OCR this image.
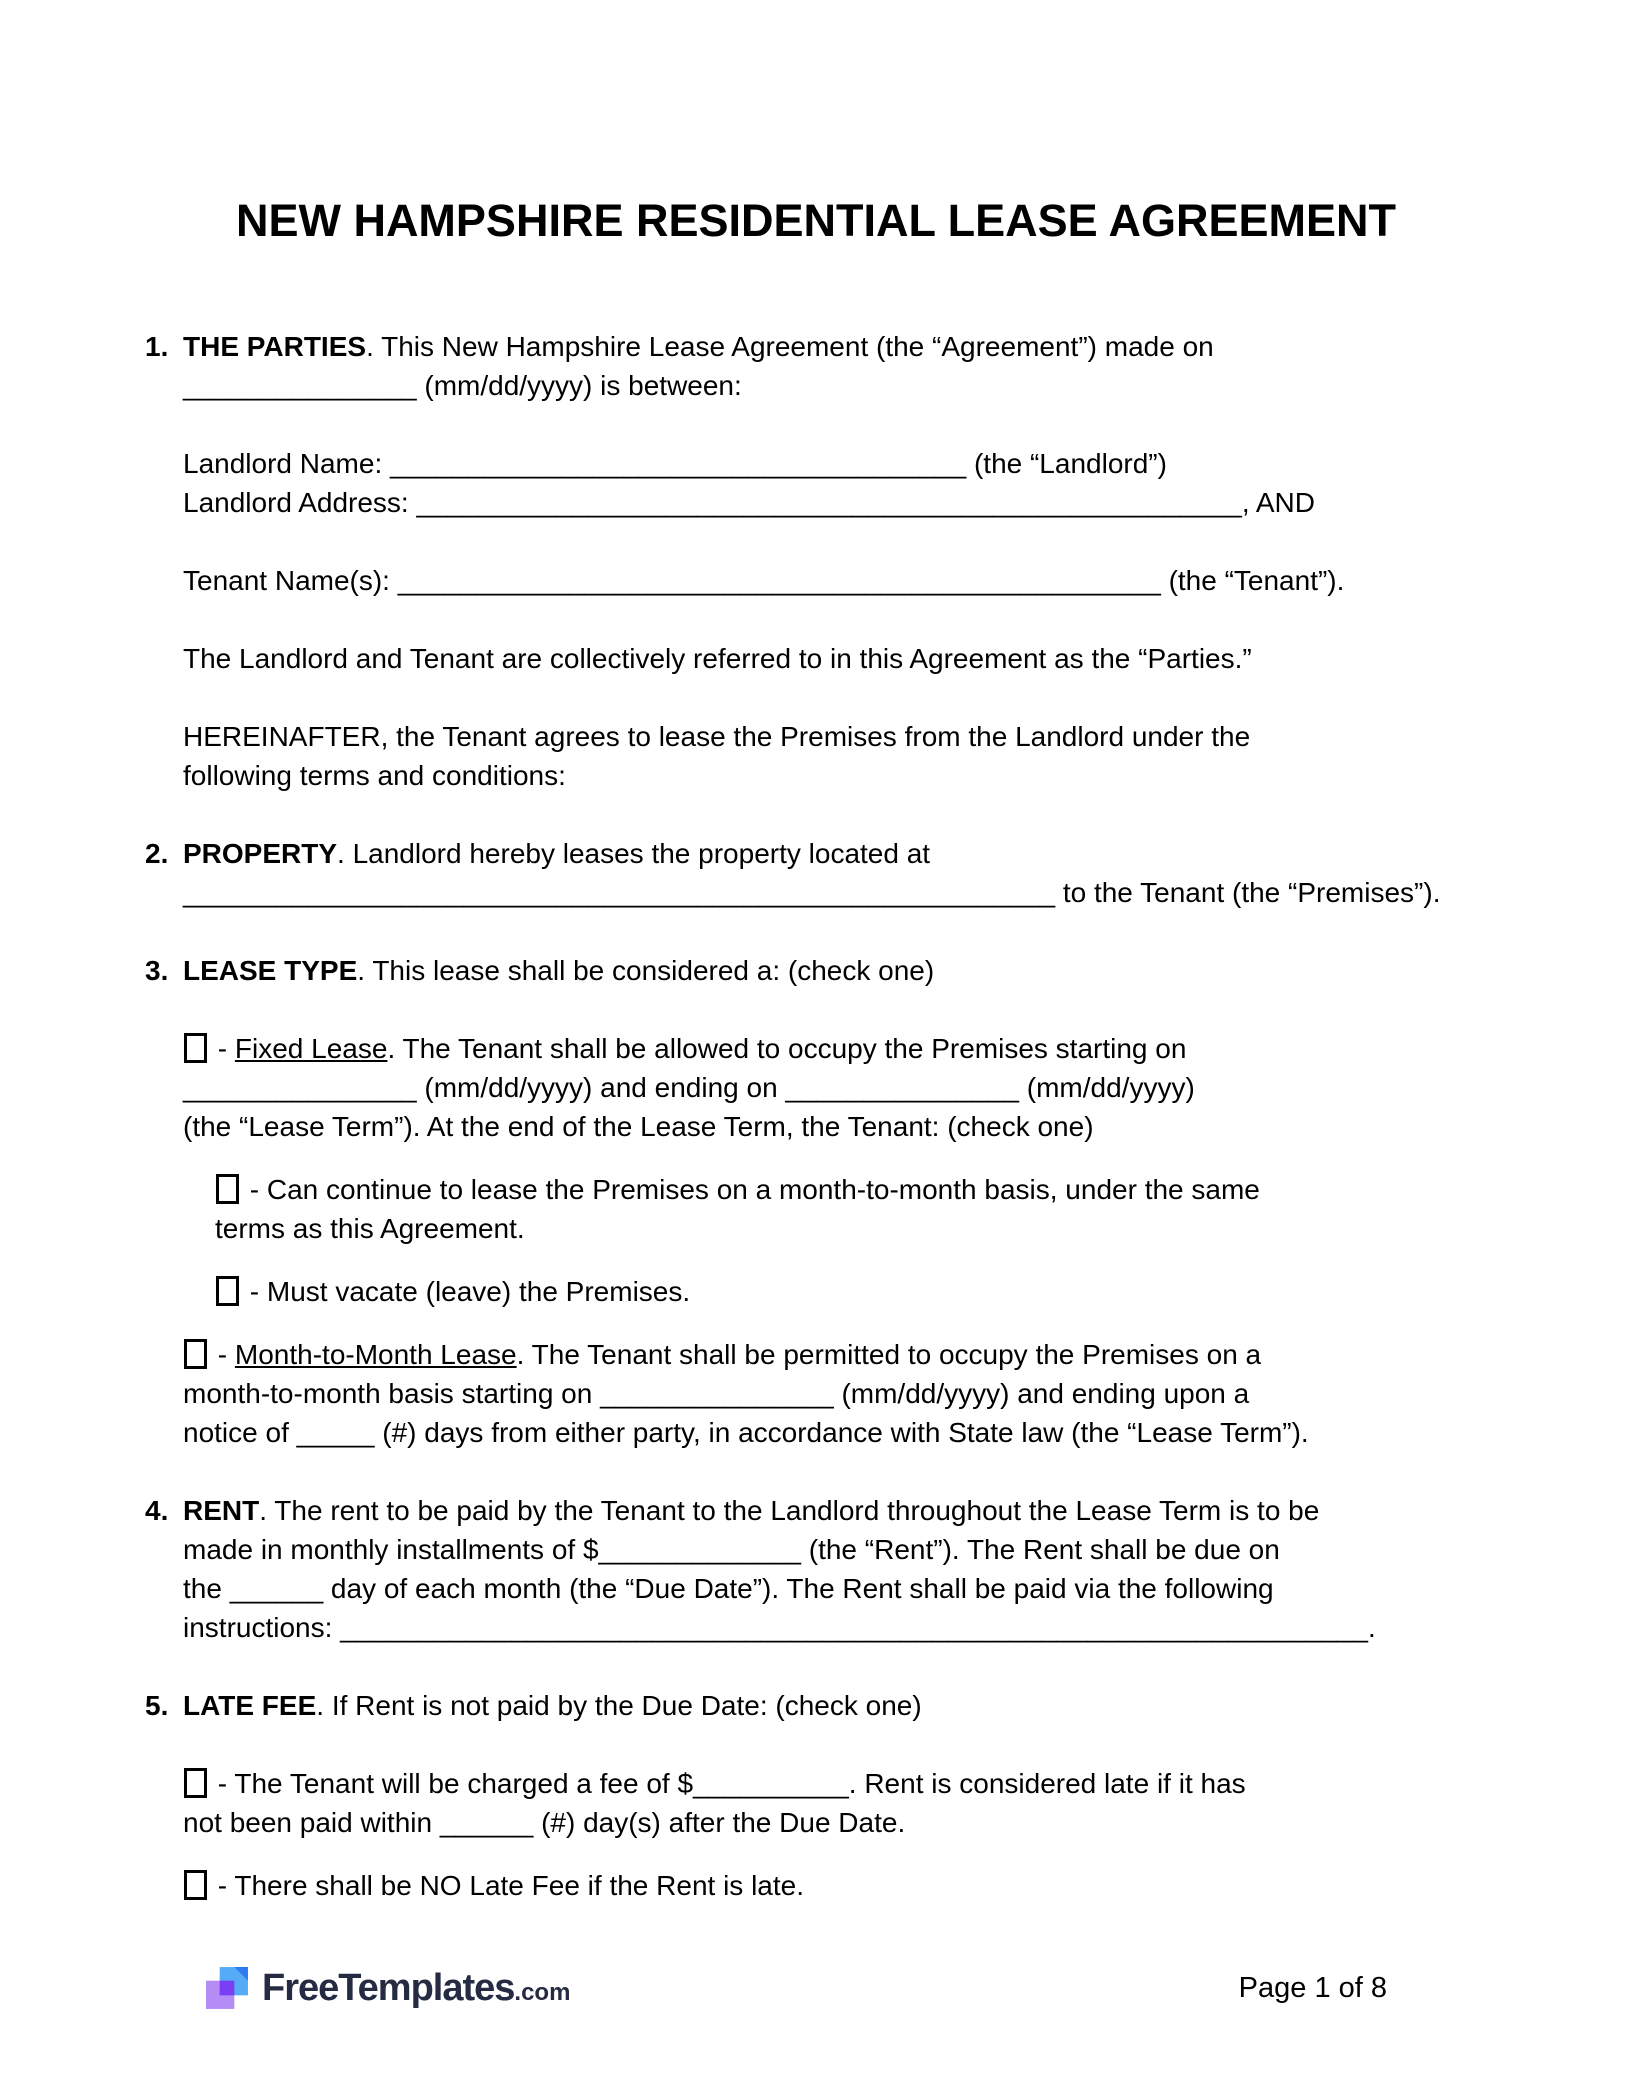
NEW HAMPSHIRE RESIDENTIAL LEASE AGREEMENT
1. THE PARTIES. This New Hampshire Lease Agreement (the “Agreement”) made on
_______________ (mm/dd/yyyy) is between:
Landlord Name: _____________________________________ (the “Landlord”)
Landlord Address: _____________________________________________________, AND
Tenant Name(s): _________________________________________________ (the “Tenant”).
The Landlord and Tenant are collectively referred to in this Agreement as the “Parties.”
HEREINAFTER, the Tenant agrees to lease the Premises from the Landlord under the
following terms and conditions:
2. PROPERTY. Landlord hereby leases the property located at
________________________________________________________ to the Tenant (the “Premises”).
3. LEASE TYPE. This lease shall be considered a: (check one)
- Fixed Lease. The Tenant shall be allowed to occupy the Premises starting on
_______________ (mm/dd/yyyy) and ending on _______________ (mm/dd/yyyy)
(the “Lease Term”). At the end of the Lease Term, the Tenant: (check one)
- Can continue to lease the Premises on a month-to-month basis, under the same
terms as this Agreement.
- Must vacate (leave) the Premises.
- Month-to-Month Lease. The Tenant shall be permitted to occupy the Premises on a
month-to-month basis starting on _______________ (mm/dd/yyyy) and ending upon a
notice of _____ (#) days from either party, in accordance with State law (the “Lease Term”).
4. RENT. The rent to be paid by the Tenant to the Landlord throughout the Lease Term is to be
made in monthly installments of $_____________ (the “Rent”). The Rent shall be due on
the ______ day of each month (the “Due Date”). The Rent shall be paid via the following
instructions: __________________________________________________________________.
5. LATE FEE. If Rent is not paid by the Due Date: (check one)
- The Tenant will be charged a fee of $__________. Rent is considered late if it has
not been paid within ______ (#) day(s) after the Due Date.
- There shall be NO Late Fee if the Rent is late.
FreeTemplates .com	Page 1 of 8
